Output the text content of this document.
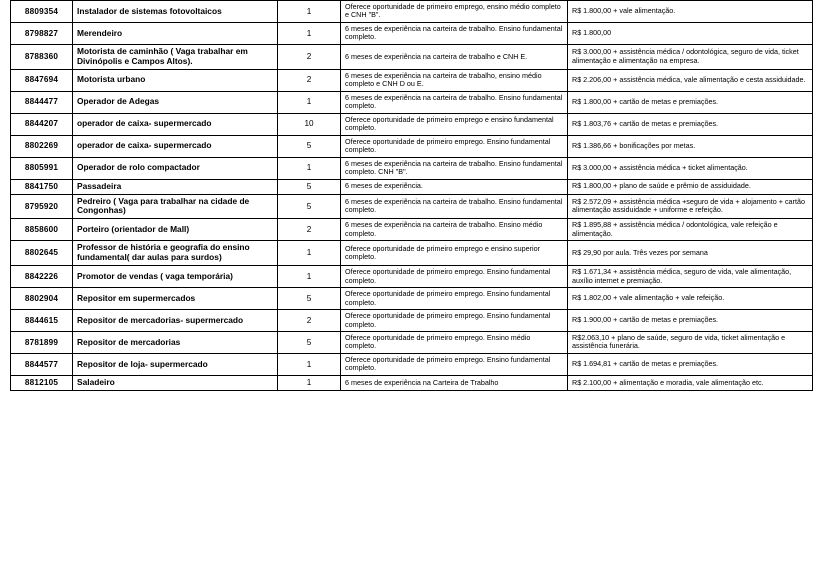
8809354	Instalador de sistemas fotovoltaicos	1	Oferece oportunidade de primeiro emprego, ensino médio completo e CNH "B".	R$ 1.800,00 + vale alimentação.
8798827	Merendeiro	1	6 meses de experiência na carteira de trabalho. Ensino fundamental completo.	R$ 1.800,00
8788360	Motorista de caminhão ( Vaga trabalhar em Divinópolis e Campos Altos).	2	6 meses de experiência na carteira de trabalho e CNH E.	R$ 3.000,00 + assistência médica / odontológica, seguro de vida, ticket alimentação e alimentação na empresa.
8847694	Motorista urbano	2	6 meses de experiência na carteira de trabalho, ensino médio completo e CNH D ou E.	R$ 2.206,00 + assistência médica, vale alimentação e cesta assiduidade.
8844477	Operador de Adegas	1	6 meses de experiência na carteira de trabalho. Ensino fundamental completo.	R$ 1.800,00 + cartão de metas e premiações.
8844207	operador de caixa- supermercado	10	Oferece oportunidade de primeiro emprego e ensino fundamental completo.	R$ 1.803,76 + cartão de metas e premiações.
8802269	operador de caixa- supermercado	5	Oferece oportunidade de primeiro emprego. Ensino fundamental completo.	R$ 1.386,66 + bonificações por metas.
8805991	Operador de rolo compactador	1	6 meses de experiência na carteira de trabalho. Ensino fundamental completo. CNH "B".	R$ 3.000,00 + assistência médica + ticket alimentação.
8841750	Passadeira	5	6 meses de experiência.	R$ 1.800,00 + plano de saúde e prêmio de assiduidade.
8795920	Pedreiro ( Vaga para trabalhar na cidade de Congonhas)	5	6 meses de experiência na carteira de trabalho. Ensino fundamental completo.	R$ 2.572,09 + assistência médica +seguro de vida + alojamento + cartão alimentação assiduidade + uniforme e refeição.
8858600	Porteiro (orientador de Mall)	2	6 meses de experiência na carteira de trabalho. Ensino médio completo.	R$ 1.895,88 + assistência médica / odontológica, vale refeição e alimentação.
8802645	Professor de história e geografia do ensino fundamental( dar aulas para surdos)	1	Oferece oportunidade de primeiro emprego e ensino superior completo.	R$ 29,90 por aula. Três vezes por semana
8842226	Promotor de vendas ( vaga temporária)	1	Oferece oportunidade de primeiro emprego. Ensino fundamental completo.	R$ 1.671,34 + assistência médica, seguro de vida, vale alimentação, auxílio internet e premiação.
8802904	Repositor em supermercados	5	Oferece oportunidade de primeiro emprego. Ensino fundamental completo.	R$ 1.802,00 + vale alimentação + vale refeição.
8844615	Repositor de mercadorias- supermercado	2	Oferece oportunidade de primeiro emprego. Ensino fundamental completo.	R$ 1.900,00 + cartão de metas e premiações.
8781899	Repositor de mercadorias	5	Oferece oportunidade de primeiro emprego. Ensino médio completo.	R$2.063,10 + plano de saúde, seguro de vida, ticket alimentação e assistência funerária.
8844577	Repositor de loja- supermercado	1	Oferece oportunidade de primeiro emprego. Ensino fundamental completo.	R$ 1.694,81 + cartão de metas e premiações.
8812105	Saladeiro	1	6 meses de experiência na Carteira de Trabalho	R$ 2.100,00 + alimentação e moradia, vale alimentação etc.
